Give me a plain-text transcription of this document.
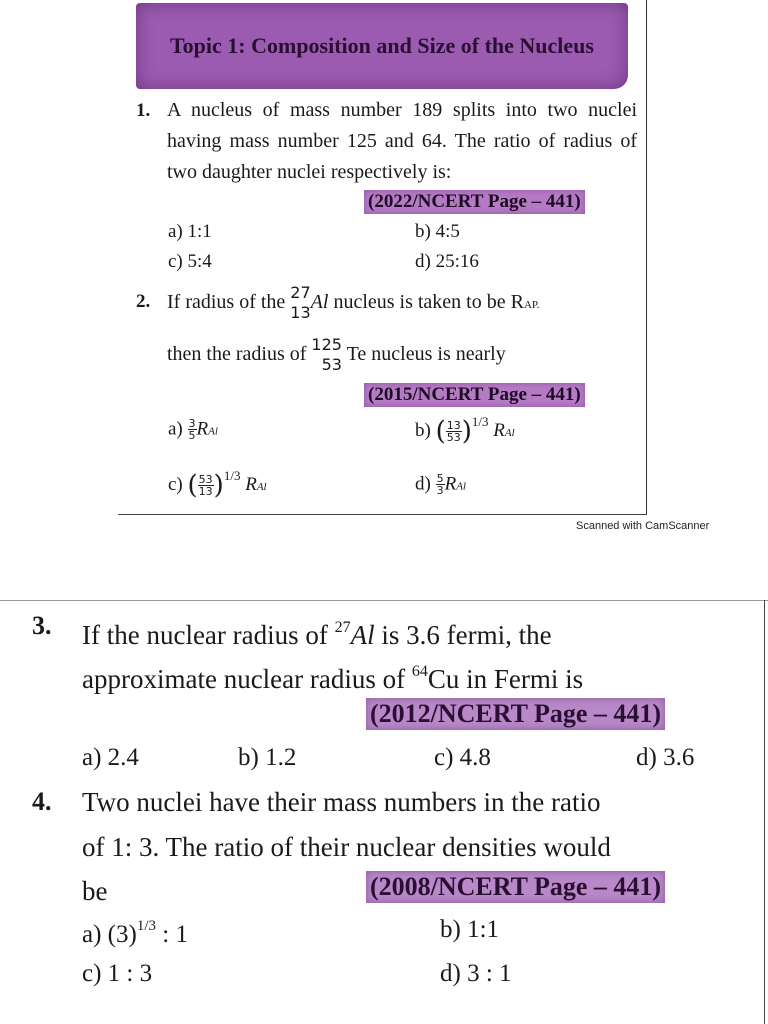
Topic 1: Composition and Size of the Nucleus
1. A nucleus of mass number 189 splits into two nuclei having mass number 125 and 64. The ratio of radius of two daughter nuclei respectively is:
(2022/NCERT Page – 441)
a) 1:1	b) 4:5
c) 5:4	d) 25:16
2. If radius of the 27
13 Al nucleus is taken to be RAP.
then the radius of 125
53 Te nucleus is nearly
(2015/NCERT Page – 441)
$a) \frac{3}{5}$ RAl	b) ( $\frac{13}{53} )^{1/3}$ RAl
c) ( $\frac{53}{13} )^{1/3}$ RAl	$d) \frac{5}{3}$ RAl
Scanned with CamScanner
3. If the nuclear radius of $^{27}$Al is 3.6 fermi, the
approximate nuclear radius of $^{64}$Cu in Fermi is
(2012/NCERT Page – 441)
a) 2.4	b) 1.2	c) 4.8	d) 3.6
4. Two nuclei have their mass numbers in the ratio
of 1: 3. The ratio of their nuclear densities would
be	(2008/NCERT Page – 441)
a) $(3)^{1/3}$ : 1	b) 1:1
c) 1 : 3	d) 3 : 1
